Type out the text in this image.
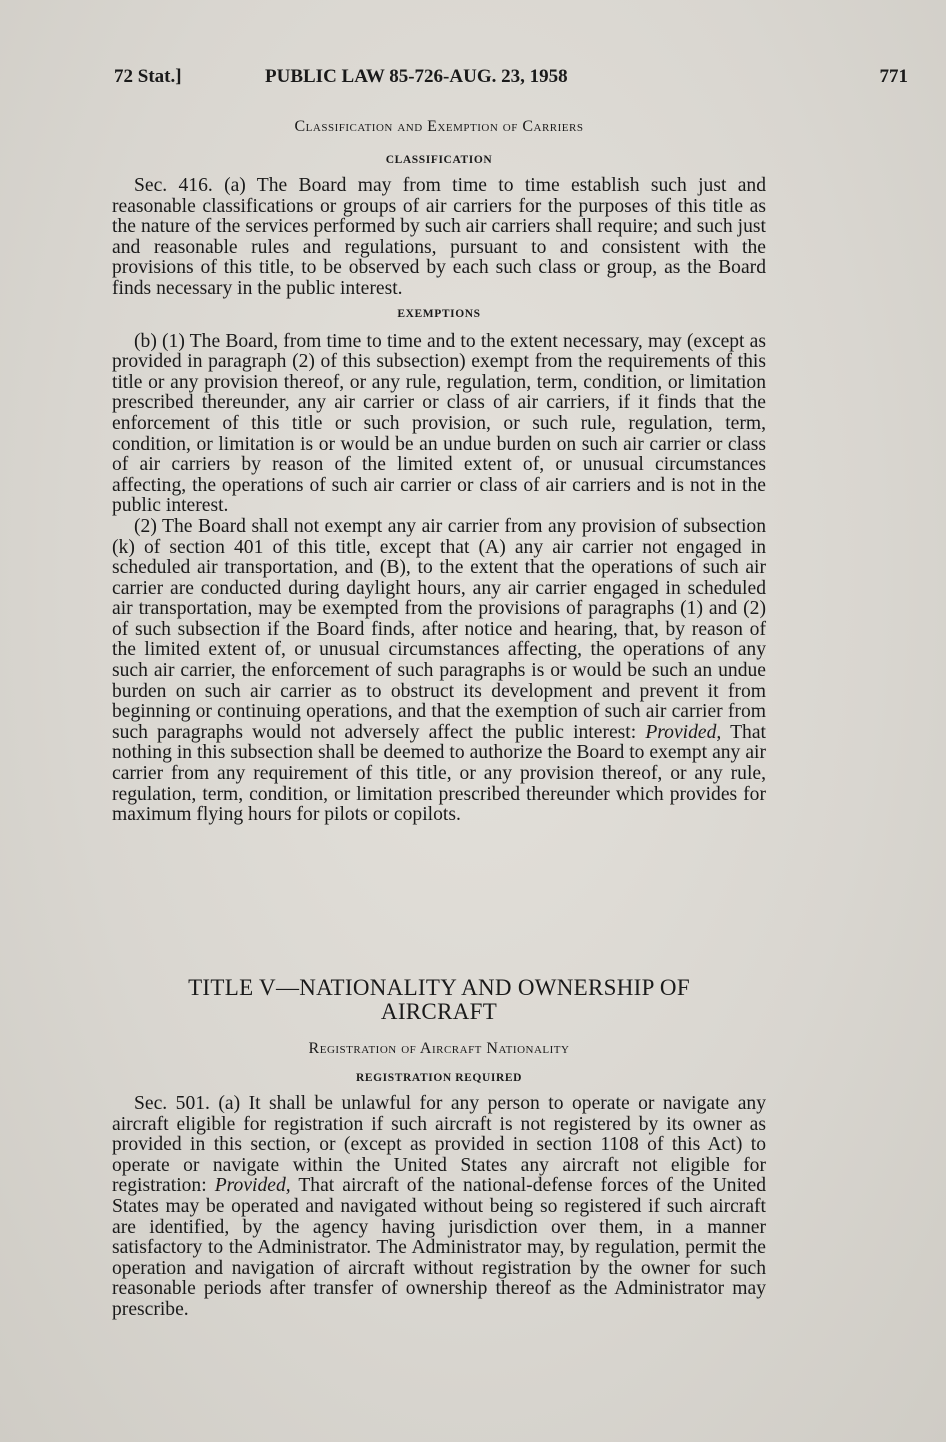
72 Stat.]	PUBLIC LAW 85-726-AUG. 23, 1958	771

Classification and Exemption of Carriers

CLASSIFICATION

Sec. 416. (a) The Board may from time to time establish such just and reasonable classifications or groups of air carriers for the purposes of this title as the nature of the services performed by such air carriers shall require; and such just and reasonable rules and regulations, pursuant to and consistent with the provisions of this title, to be observed by each such class or group, as the Board finds necessary in the public interest.

EXEMPTIONS

(b) (1) The Board, from time to time and to the extent necessary, may (except as provided in paragraph (2) of this subsection) exempt from the requirements of this title or any provision thereof, or any rule, regulation, term, condition, or limitation prescribed thereunder, any air carrier or class of air carriers, if it finds that the enforcement of this title or such provision, or such rule, regulation, term, condition, or limitation is or would be an undue burden on such air carrier or class of air carriers by reason of the limited extent of, or unusual circumstances affecting, the operations of such air carrier or class of air carriers and is not in the public interest.

(2) The Board shall not exempt any air carrier from any provision of subsection (k) of section 401 of this title, except that (A) any air carrier not engaged in scheduled air transportation, and (B), to the extent that the operations of such air carrier are conducted during daylight hours, any air carrier engaged in scheduled air transportation, may be exempted from the provisions of paragraphs (1) and (2) of such subsection if the Board finds, after notice and hearing, that, by reason of the limited extent of, or unusual circumstances affecting, the operations of any such air carrier, the enforcement of such paragraphs is or would be such an undue burden on such air carrier as to obstruct its development and prevent it from beginning or continuing operations, and that the exemption of such air carrier from such paragraphs would not adversely affect the public interest: Provided, That nothing in this subsection shall be deemed to authorize the Board to exempt any air carrier from any requirement of this title, or any provision thereof, or any rule, regulation, term, condition, or limitation prescribed thereunder which provides for maximum flying hours for pilots or copilots.

TITLE V—NATIONALITY AND OWNERSHIP OF

AIRCRAFT

Registration of Aircraft Nationality

REGISTRATION REQUIRED

Sec. 501. (a) It shall be unlawful for any person to operate or navigate any aircraft eligible for registration if such aircraft is not registered by its owner as provided in this section, or (except as provided in section 1108 of this Act) to operate or navigate within the United States any aircraft not eligible for registration: Provided, That aircraft of the national-defense forces of the United States may be operated and navigated without being so registered if such aircraft are identified, by the agency having jurisdiction over them, in a manner satisfactory to the Administrator. The Administrator may, by regulation, permit the operation and navigation of aircraft without registration by the owner for such reasonable periods after transfer of ownership thereof as the Administrator may prescribe.
